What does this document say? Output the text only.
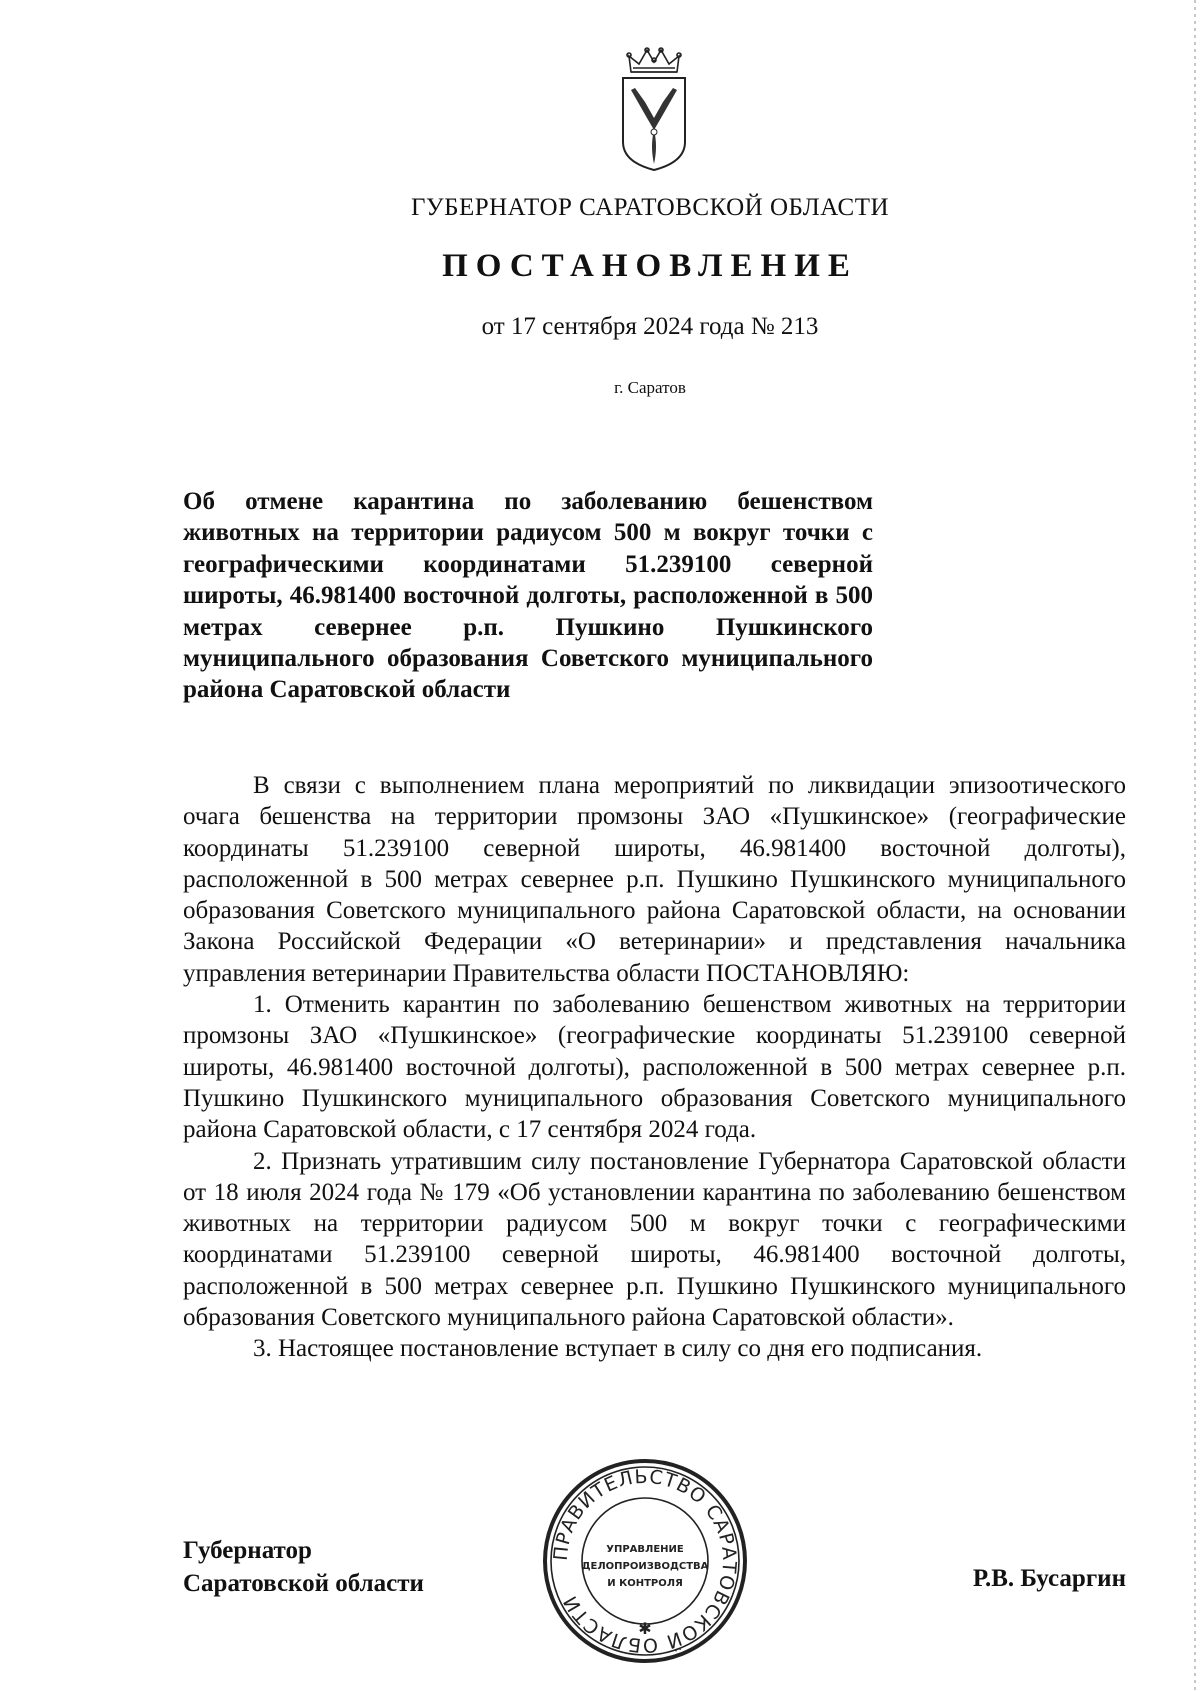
ГУБЕРНАТОР САРАТОВСКОЙ ОБЛАСТИ
ПОСТАНОВЛЕНИЕ
от 17 сентября 2024 года № 213
г. Саратов
Об отмене карантина по заболеванию бешенством животных на территории радиусом 500 м вокруг точки с географическими координатами 51.239100 северной широты, 46.981400 восточной долготы, расположенной в 500 метрах севернее р.п. Пушкино Пушкинского муниципального образования Советского муниципального района Саратовской области

В связи с выполнением плана мероприятий по ликвидации эпизоотического очага бешенства на территории промзоны ЗАО «Пушкинское» (географические координаты 51.239100 северной широты, 46.981400 восточной долготы), расположенной в 500 метрах севернее р.п. Пушкино Пушкинского муниципального образования Советского муниципального района Саратовской области, на основании Закона Российской Федерации «О ветеринарии» и представления начальника управления ветеринарии Правительства области ПОСТАНОВЛЯЮ:

1. Отменить карантин по заболеванию бешенством животных на территории промзоны ЗАО «Пушкинское» (географические координаты 51.239100 северной широты, 46.981400 восточной долготы), расположенной в 500 метрах севернее р.п. Пушкино Пушкинского муниципального образования Советского муниципального района Саратовской области, с 17 сентября 2024 года.

2. Признать утратившим силу постановление Губернатора Саратовской области от 18 июля 2024 года № 179 «Об установлении карантина по заболеванию бешенством животных на территории радиусом 500 м вокруг точки с географическими координатами 51.239100 северной широты, 46.981400 восточной долготы, расположенной в 500 метрах севернее р.п. Пушкино Пушкинского муниципального образования Советского муниципального района Саратовской области».

3. Настоящее постановление вступает в силу со дня его подписания.

Губернатор
Саратовской области
ПРАВИТЕЛЬСТВО САРАТОВСКОЙ ОБЛАСТИ
✱
УПРАВЛЕНИЕ
ДЕЛОПРОИЗВОДСТВА
И КОНТРОЛЯ	Р.В. Бусаргин
